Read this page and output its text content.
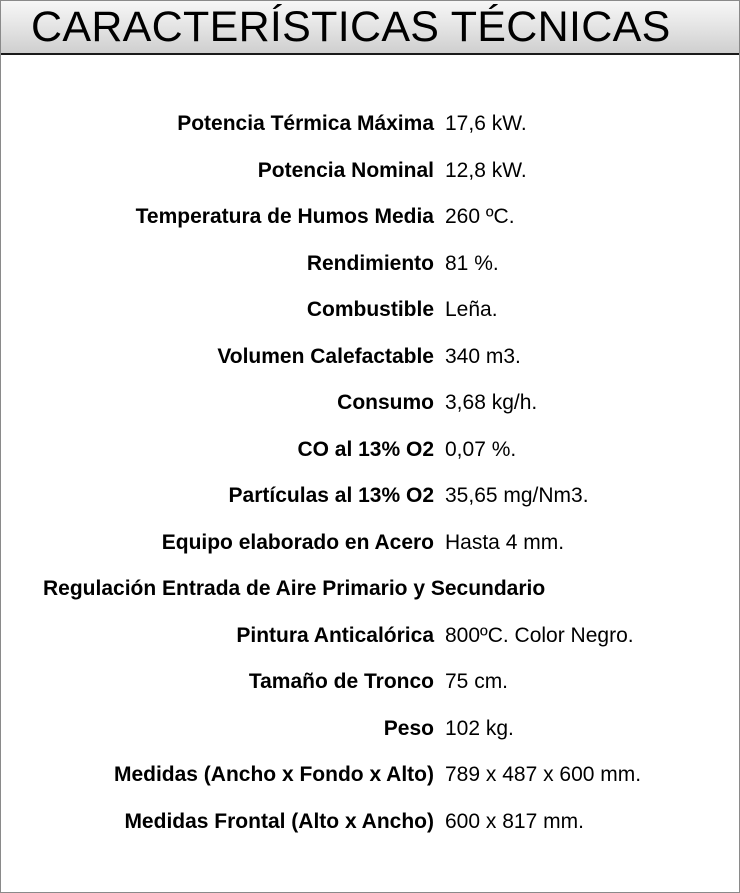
CARACTERÍSTICAS TÉCNICAS
Potencia Térmica Máxima 17,6 kW.
Potencia Nominal 12,8 kW.
Temperatura de Humos Media 260 ºC.
Rendimiento 81 %.
Combustible Leña.
Volumen Calefactable 340 m3.
Consumo 3,68 kg/h.
CO al 13% O2 0,07 %.
Partículas al 13% O2 35,65 mg/Nm3.
Equipo elaborado en Acero Hasta 4 mm.
Regulación Entrada de Aire Primario y Secundario
Pintura Anticalórica 800ºC. Color Negro.
Tamaño de Tronco 75 cm.
Peso 102 kg.
Medidas (Ancho x Fondo x Alto) 789 x 487 x 600 mm.
Medidas Frontal (Alto x Ancho) 600 x 817 mm.
